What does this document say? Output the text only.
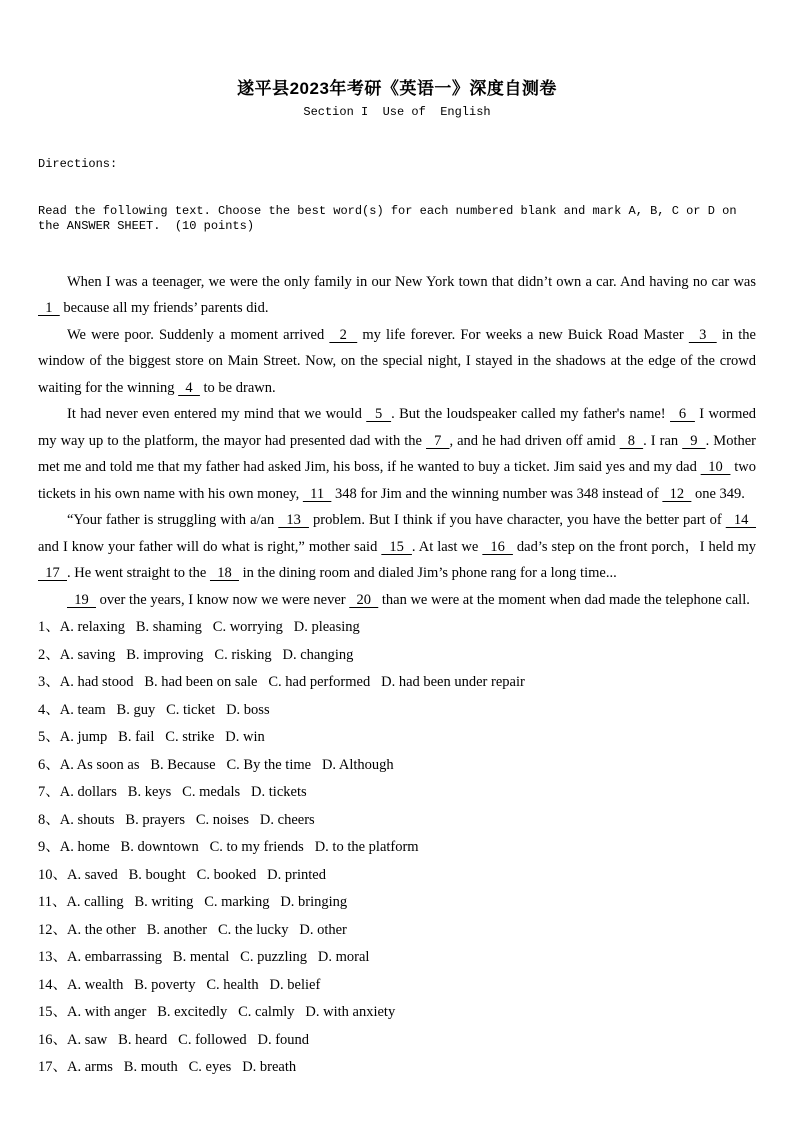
遂平县2023年考研《英语一》深度自测卷
Section I  Use of  English

Directions:

Read the following text. Choose the best word(s) for each numbered blank and mark A, B, C or D on the ANSWER SHEET.  (10 points)

When I was a teenager, we were the only family in our New York town that didn’t own a car. And having no car was   1   because all my friends’ parents did.

We were poor. Suddenly a moment arrived   2   my life forever. For weeks a new Buick Road Master   3   in the window of the biggest store on Main Street. Now, on the special night, I stayed in the shadows at the edge of the crowd waiting for the winning   4   to be drawn.

It had never even entered my mind that we would   5  . But the loudspeaker called my father's name!   6   I wormed my way up to the platform, the mayor had presented dad with the   7  , and he had driven off amid   8  . I ran   9  . Mother met me and told me that my father had asked Jim, his boss, if he wanted to buy a ticket. Jim said yes and my dad   10   two tickets in his own name with his own money,   11   348 for Jim and the winning number was 348 instead of   12   one 349.

“Your father is struggling with a/an   13   problem. But I think if you have character, you have the better part of   14   and I know your father will do what is right,” mother said   15  . At last we   16   dad’s step on the front porch，I held my   17  . He went straight to the   18   in the dining room and dialed Jim’s phone rang for a long time...

19   over the years, I know now we were never   20   than we were at the moment when dad made the telephone call.

1、A. relaxing   B. shaming   C. worrying   D. pleasing
2、A. saving   B. improving   C. risking   D. changing
3、A. had stood   B. had been on sale   C. had performed   D. had been under repair
4、A. team   B. guy   C. ticket   D. boss
5、A. jump   B. fail   C. strike   D. win
6、A. As soon as   B. Because   C. By the time   D. Although
7、A. dollars   B. keys   C. medals   D. tickets
8、A. shouts   B. prayers   C. noises   D. cheers
9、A. home   B. downtown   C. to my friends   D. to the platform
10、A. saved   B. bought   C. booked   D. printed
11、A. calling   B. writing   C. marking   D. bringing
12、A. the other   B. another   C. the lucky   D. other
13、A. embarrassing   B. mental   C. puzzling   D. moral
14、A. wealth   B. poverty   C. health   D. belief
15、A. with anger   B. excitedly   C. calmly   D. with anxiety
16、A. saw   B. heard   C. followed   D. found
17、A. arms   B. mouth   C. eyes   D. breath
